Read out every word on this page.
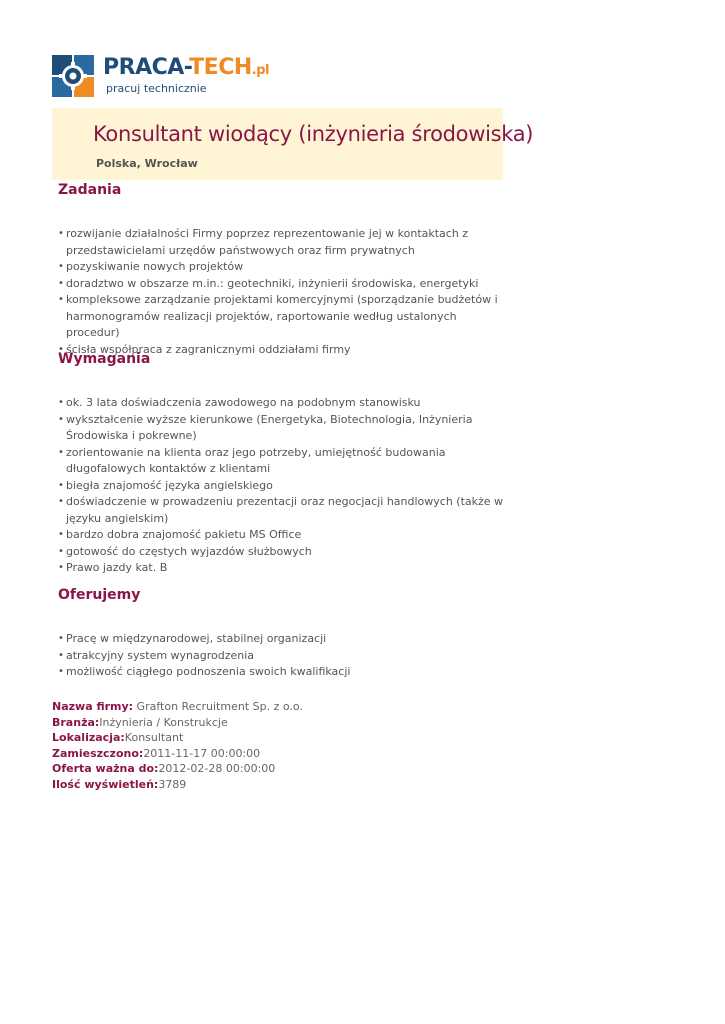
PRACA-TECH.pl
pracuj technicznie
Konsultant wiodący (inżynieria środowiska)
Polska, Wrocław
Zadania
• rozwijanie działalności Firmy poprzez reprezentowanie jej w kontaktach z przedstawicielami urzędów państwowych oraz firm prywatnych
• pozyskiwanie nowych projektów
• doradztwo w obszarze m.in.: geotechniki, inżynierii środowiska, energetyki
• kompleksowe zarządzanie projektami komercyjnymi (sporządzanie budżetów i harmonogramów realizacji projektów, raportowanie według ustalonych procedur)
• ścisła współpraca z zagranicznymi oddziałami firmy
Wymagania
• ok. 3 lata doświadczenia zawodowego na podobnym stanowisku
• wykształcenie wyższe kierunkowe (Energetyka, Biotechnologia, Inżynieria Środowiska i pokrewne)
• zorientowanie na klienta oraz jego potrzeby, umiejętność budowania długofalowych kontaktów z klientami
• biegła znajomość języka angielskiego
• doświadczenie w prowadzeniu prezentacji oraz negocjacji handlowych (także w języku angielskim)
• bardzo dobra znajomość pakietu MS Office
• gotowość do częstych wyjazdów służbowych
• Prawo jazdy kat. B
Oferujemy
• Pracę w międzynarodowej, stabilnej organizacji
• atrakcyjny system wynagrodzenia
• możliwość ciągłego podnoszenia swoich kwalifikacji
Nazwa firmy: Grafton Recruitment Sp. z o.o.
Branża:Inżynieria / Konstrukcje
Lokalizacja:Konsultant
Zamieszczono:2011-11-17 00:00:00
Oferta ważna do:2012-02-28 00:00:00
Ilość wyświetleń:3789
